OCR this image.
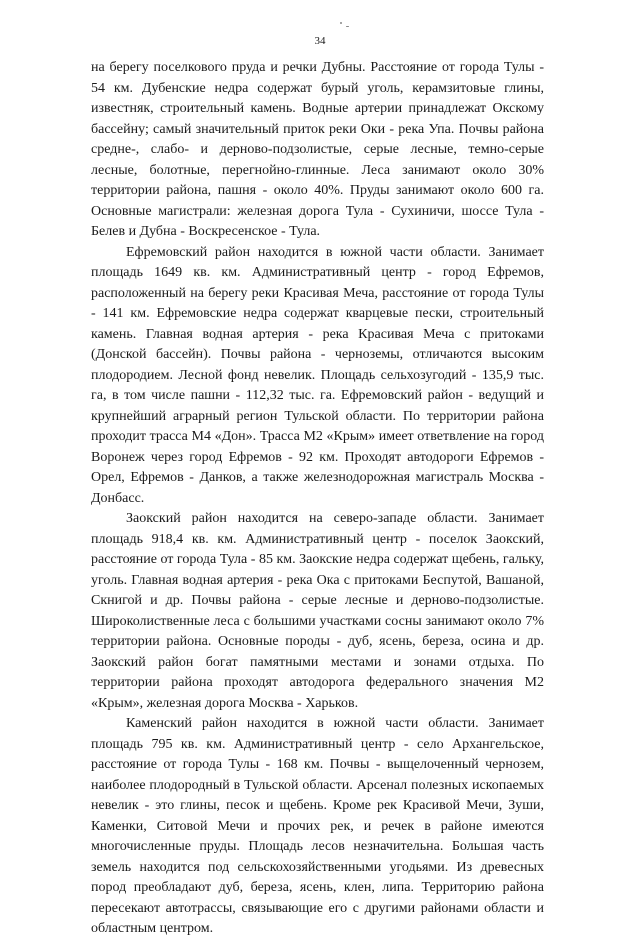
34

на берегу поселкового пруда и речки Дубны. Расстояние от города Тулы - 54 км. Дубенские недра содержат бурый уголь, керамзитовые глины, известняк, строительный камень. Водные артерии принадлежат Окскому бассейну; самый значительный приток реки Оки - река Упа. Почвы района средне-, слабо- и дерново-подзолистые, серые лесные, темно-серые лесные, болотные, перегнойно-глинные. Леса занимают около 30% территории района, пашня - около 40%. Пруды занимают около 600 га. Основные магистрали: железная дорога Тула - Сухиничи, шоссе Тула - Белев и Дубна - Воскресенское - Тула.

Ефремовский район находится в южной части области. Занимает площадь 1649 кв. км. Административный центр - город Ефремов, расположенный на берегу реки Красивая Меча, расстояние от города Тулы - 141 км. Ефремовские недра содержат кварцевые пески, строительный камень. Главная водная артерия - река Красивая Меча с притоками (Донской бассейн). Почвы района - черноземы, отличаются высоким плодородием. Лесной фонд невелик. Площадь сельхозугодий - 135,9 тыс. га, в том числе пашни - 112,32 тыс. га. Ефремовский район - ведущий и крупнейший аграрный регион Тульской области. По территории района проходит трасса М4 «Дон». Трасса М2 «Крым» имеет ответвление на город Воронеж через город Ефремов - 92 км. Проходят автодороги Ефремов - Орел, Ефремов - Данков, а также железнодорожная магистраль Москва - Донбасс.

Заокский район находится на северо-западе области. Занимает площадь 918,4 кв. км. Административный центр - поселок Заокский, расстояние от города Тула - 85 км. Заокские недра содержат щебень, гальку, уголь. Главная водная артерия - река Ока с притоками Беспутой, Вашаной, Скнигой и др. Почвы района - серые лесные и дерново-подзолистые. Широколиственные леса с большими участками сосны занимают около 7% территории района. Основные породы - дуб, ясень, береза, осина и др. Заокский район богат памятными местами и зонами отдыха. По территории района проходят автодорога федерального значения М2 «Крым», железная дорога Москва - Харьков.

Каменский район находится в южной части области. Занимает площадь 795 кв. км. Административный центр - село Архангельское, расстояние от города Тулы - 168 км. Почвы - выщелоченный чернозем, наиболее плодородный в Тульской области. Арсенал полезных ископаемых невелик - это глины, песок и щебень. Кроме рек Красивой Мечи, Зуши, Каменки, Ситовой Мечи и прочих рек, и речек в районе имеются многочисленные пруды. Площадь лесов незначительна. Большая часть земель находится под сельскохозяйственными угодьями. Из древесных пород преобладают дуб, береза, ясень, клен, липа. Территорию района пересекают автотрассы, связывающие его с другими районами области и областным центром.
